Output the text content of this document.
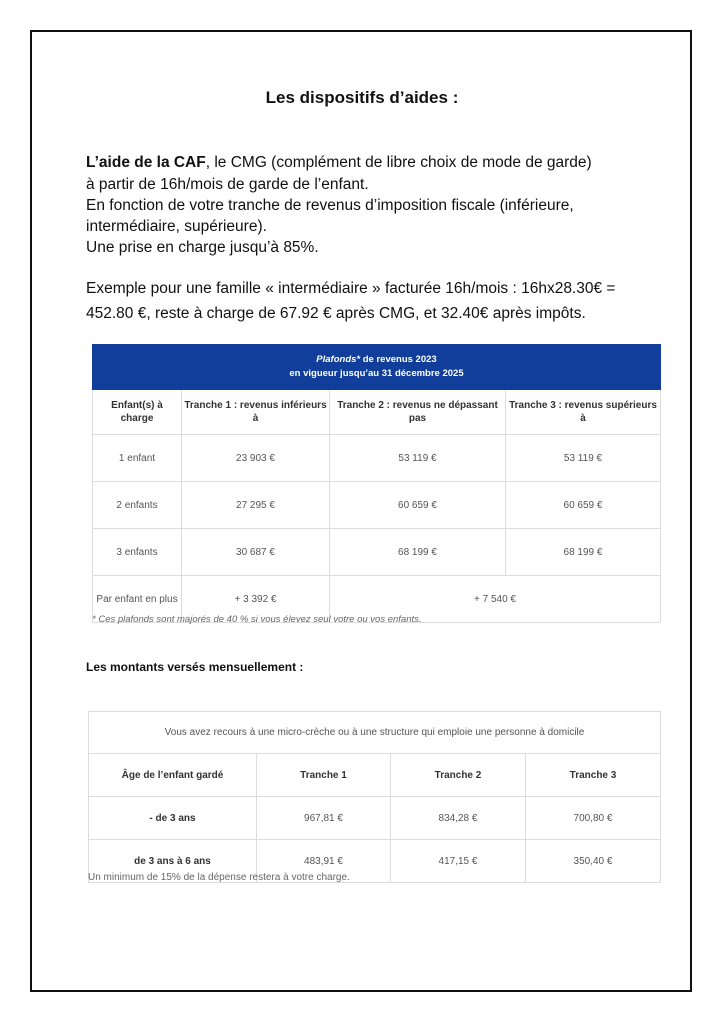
Les dispositifs d’aides :

L’aide de la CAF, le CMG (complément de libre choix de mode de garde)

à partir de 16h/mois de garde de l’enfant.

En fonction de votre tranche de revenus d’imposition fiscale (inférieure, intermédiaire, supérieure).

Une prise en charge jusqu’à 85%.

Exemple pour une famille « intermédiaire » facturée 16h/mois : 16hx28.30€ =

452.80 €, reste à charge de 67.92 € après CMG, et 32.40€ après impôts.

Plafonds* de revenus 2023
en vigueur jusqu’au 31 décembre 2025			
Enfant(s) à charge	Tranche 1 : revenus inférieurs à	Tranche 2 : revenus ne dépassant pas	Tranche 3 : revenus supérieurs à
1 enfant	23 903 €	53 119 €	53 119 €
2 enfants	27 295 €	60 659 €	60 659 €
3 enfants	30 687 €	68 199 €	68 199 €
Par enfant en plus	+ 3 392 €	+ 7 540 €	
* Ces plafonds sont majorés de 40 % si vous élevez seul votre ou vos enfants.
Les montants versés mensuellement :
Vous avez recours à une micro-crèche ou à une structure qui emploie une personne à domicile			
Âge de l’enfant gardé	Tranche 1	Tranche 2	Tranche 3
- de 3 ans	967,81 €	834,28 €	700,80 €
de 3 ans à 6 ans	483,91 €	417,15 €	350,40 €
Un minimum de 15% de la dépense restera à votre charge.
